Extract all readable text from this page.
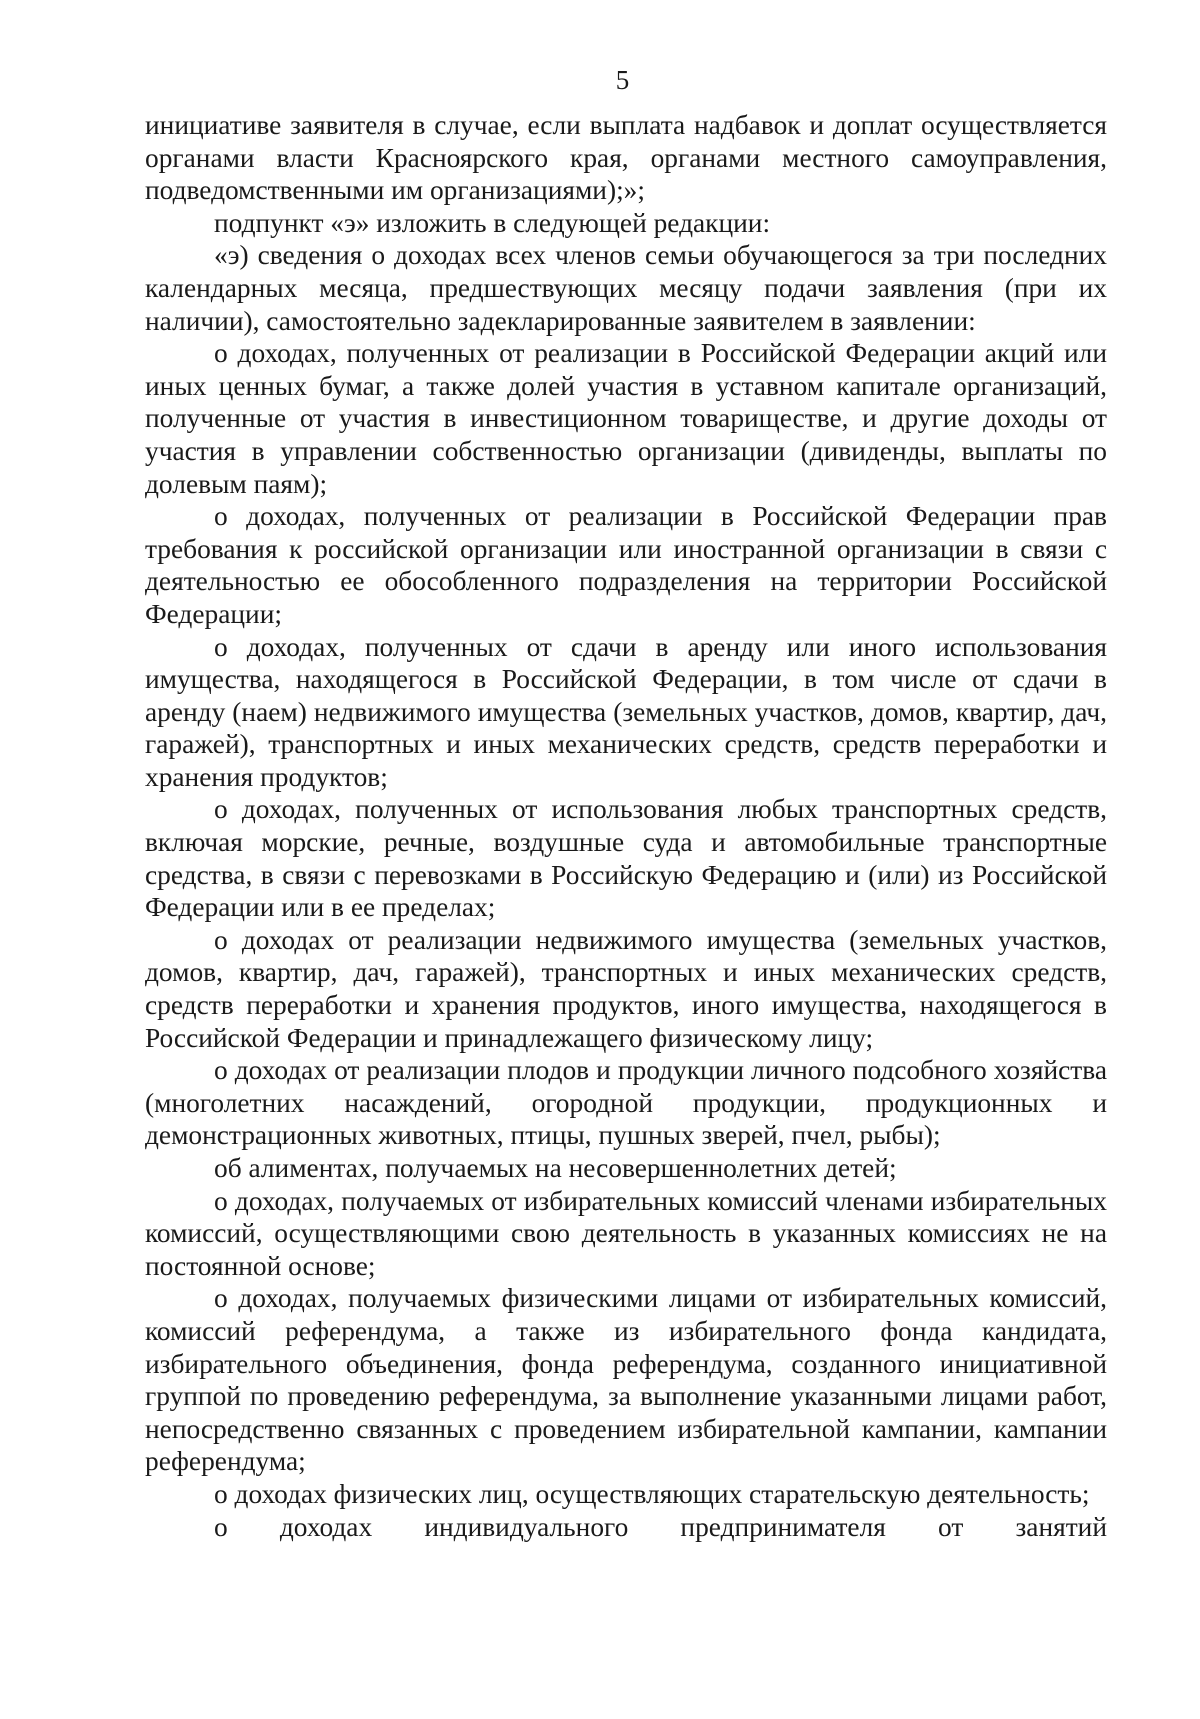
5

инициативе заявителя в случае, если выплата надбавок и доплат осуществляется органами власти Красноярского края, органами местного самоуправления, подведомственными им организациями);»;

подпункт «э» изложить в следующей редакции:

«э) сведения о доходах всех членов семьи обучающегося за три последних календарных месяца, предшествующих месяцу подачи заявления (при их наличии), самостоятельно задекларированные заявителем в заявлении:

о доходах, полученных от реализации в Российской Федерации акций или иных ценных бумаг, а также долей участия в уставном капитале организаций, полученные от участия в инвестиционном товариществе, и другие доходы от участия в управлении собственностью организации (дивиденды, выплаты по долевым паям);

о доходах, полученных от реализации в Российской Федерации прав требования к российской организации или иностранной организации в связи с деятельностью ее обособленного подразделения на территории Российской Федерации;

о доходах, полученных от сдачи в аренду или иного использования имущества, находящегося в Российской Федерации, в том числе от сдачи в аренду (наем) недвижимого имущества (земельных участков, домов, квартир, дач, гаражей), транспортных и иных механических средств, средств переработки и хранения продуктов;

о доходах, полученных от использования любых транспортных средств, включая морские, речные, воздушные суда и автомобильные транспортные средства, в связи с перевозками в Российскую Федерацию и (или) из Российской Федерации или в ее пределах;

о доходах от реализации недвижимого имущества (земельных участков, домов, квартир, дач, гаражей), транспортных и иных механических средств, средств переработки и хранения продуктов, иного имущества, находящегося в Российской Федерации и принадлежащего физическому лицу;

о доходах от реализации плодов и продукции личного подсобного хозяйства (многолетних насаждений, огородной продукции, продукционных и демонстрационных животных, птицы, пушных зверей, пчел, рыбы);

об алиментах, получаемых на несовершеннолетних детей;

о доходах, получаемых от избирательных комиссий членами избирательных комиссий, осуществляющими свою деятельность в указанных комиссиях не на постоянной основе;

о доходах, получаемых физическими лицами от избирательных комиссий, комиссий референдума, а также из избирательного фонда кандидата, избирательного объединения, фонда референдума, созданного инициативной группой по проведению референдума, за выполнение указанными лицами работ, непосредственно связанных с проведением избирательной кампании, кампании референдума;

о доходах физических лиц, осуществляющих старательскую деятельность;

о доходах индивидуального предпринимателя от занятий
